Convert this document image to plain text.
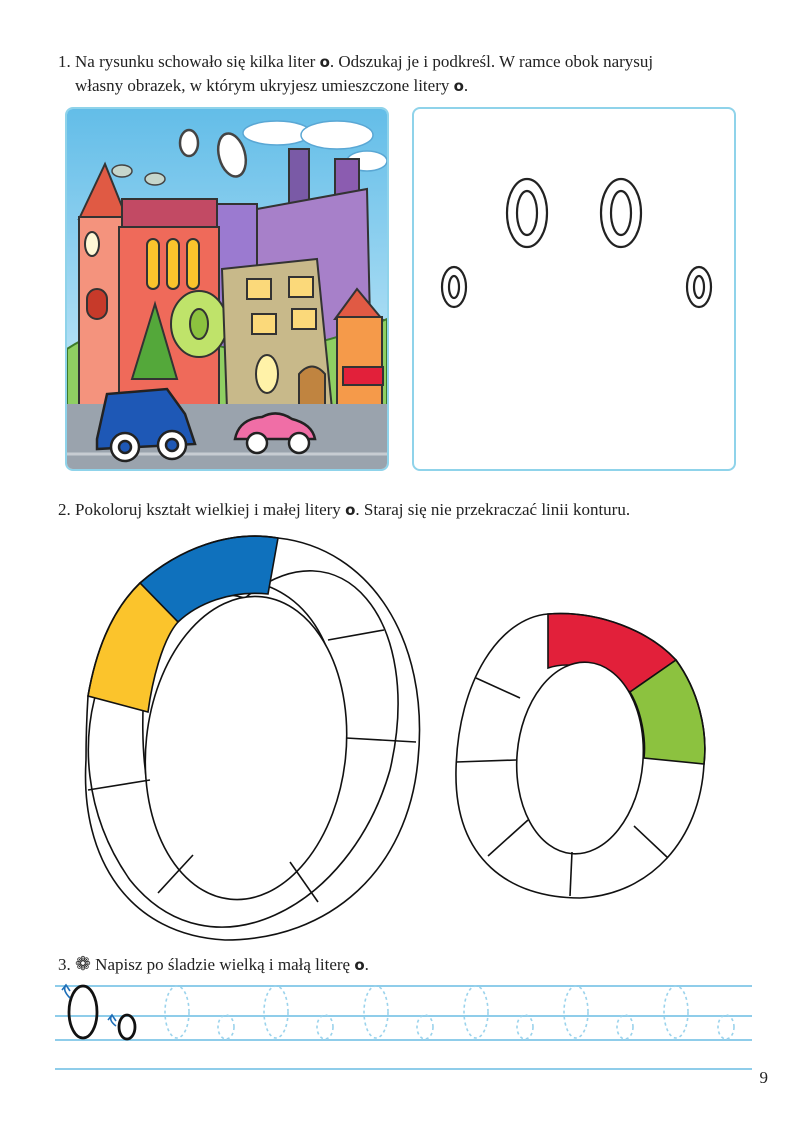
1. Na rysunku schowało się kilka liter o. Odszukaj je i podkreśl. W ramce obok narysuj
własny obrazek, w którym ukryjesz umieszczone litery o.
2. Pokoloruj kształt wielkiej i małej litery o. Staraj się nie przekraczać linii konturu.
3. ❁ Napisz po śladzie wielką i małą literę o.
9
